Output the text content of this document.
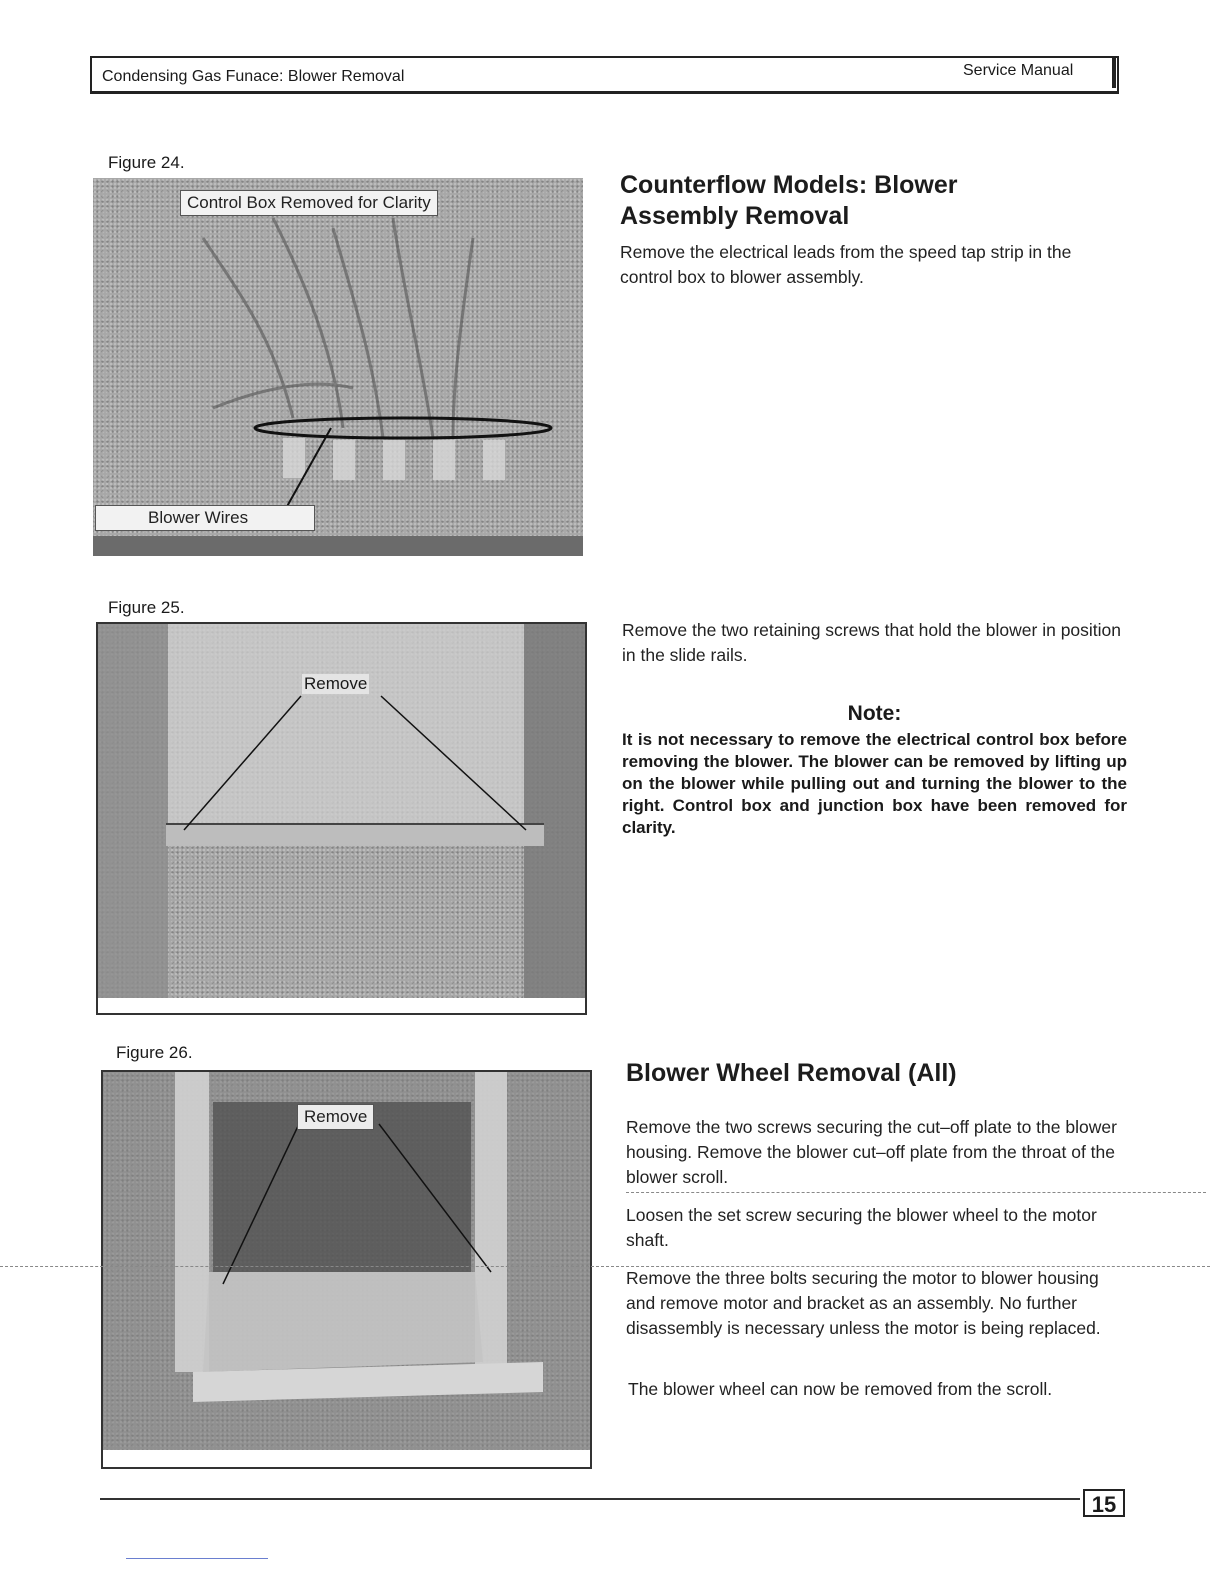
Condensing Gas Funace: Blower Removal	Service Manual
Figure 24.
Control Box Removed for Clarity
Blower Wires
Figure 25.
Remove
Figure 26.
Remove
Counterflow Models: Blower Assembly Removal
Remove the electrical leads from the speed tap strip in the control box to blower assembly.
Remove the two retaining screws that hold the blower in position in the slide rails.
Note:
It is not necessary to remove the electrical control box before removing the blower. The blower can be removed by lifting up on the blower while pulling out and turning the blower to the right. Control box and junction box have been removed for clarity.
Blower Wheel Removal (All)
Remove the two screws securing the cut–off plate to the blower housing. Remove the blower cut–off plate from the throat of the blower scroll.
Loosen the set screw securing the blower wheel to the motor shaft.
Remove the three bolts securing the motor to blower housing and remove motor and bracket as an assembly. No further disassembly is necessary unless the motor is being replaced.
The blower wheel can now be removed from the scroll.
15
